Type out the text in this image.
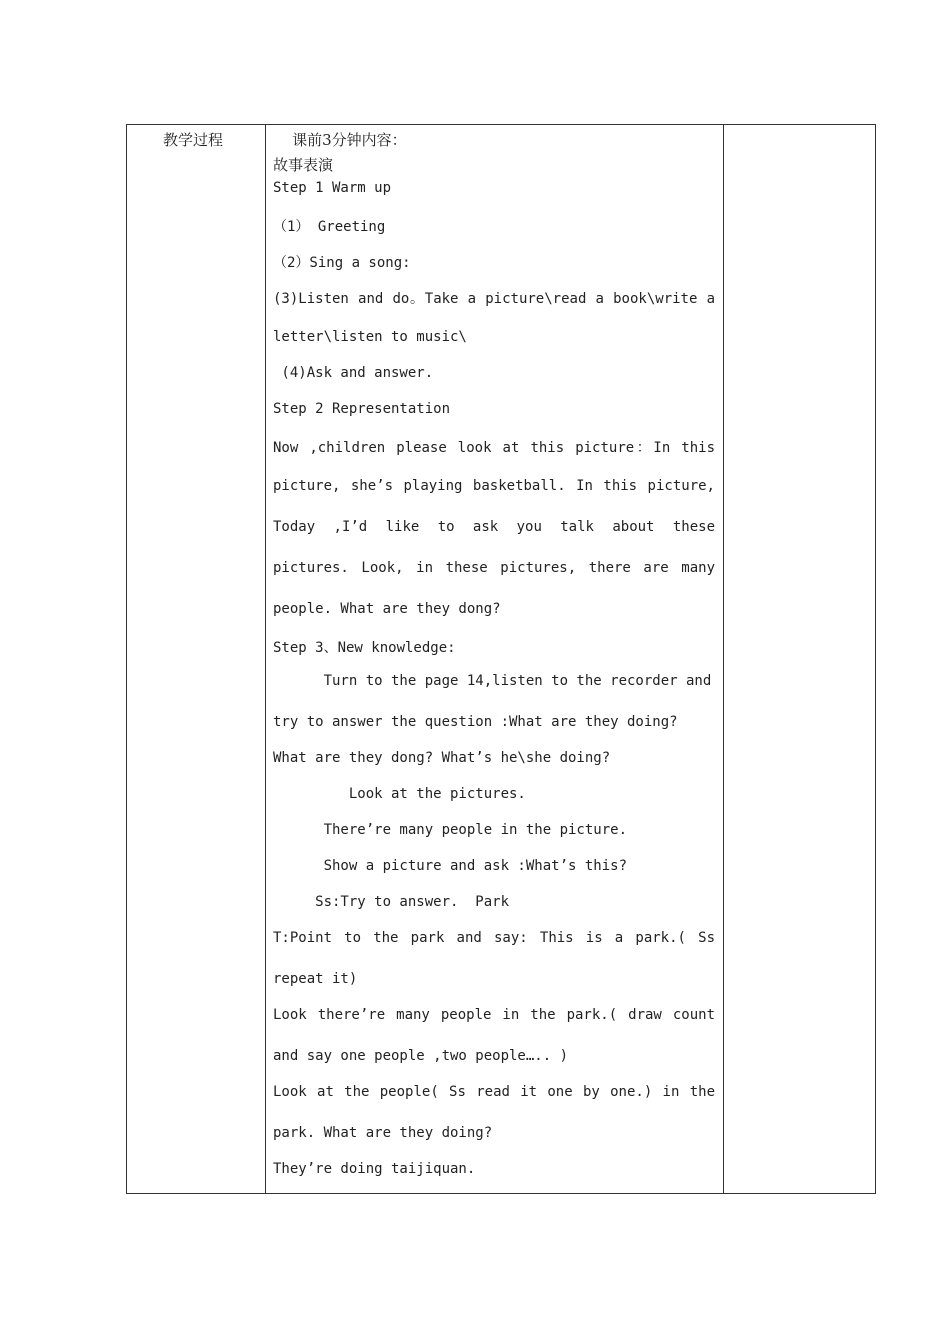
教学过程	课前3分钟内容：
故事表演
Step 1 Warm up
（1） Greeting
（2）Sing a song:
(3)Listen and do。Take a picture\read a book\write a
letter\listen to music\
(4)Ask and answer.
Step 2 Representation
Now ,children please look at this picture：In this
picture, she’s playing basketball. In this picture,
Today ,I’d like to ask you talk about these
pictures. Look, in these pictures, there are many
people. What are they dong?
Step 3、New knowledge:
Turn to the page 14,listen to the recorder and
try to answer the question :What are they doing?
What are they dong? What’s he\she doing?
Look at the pictures.
There’re many people in the picture.
Show a picture and ask :What’s this?
Ss:Try to answer.  Park
T:Point to the park and say: This is a park.( Ss
repeat it)
Look there’re many people in the park.( draw count
and say one people ,two people….. )
Look at the people( Ss read it one by one.) in the
park. What are they doing?
They’re doing taijiquan.
